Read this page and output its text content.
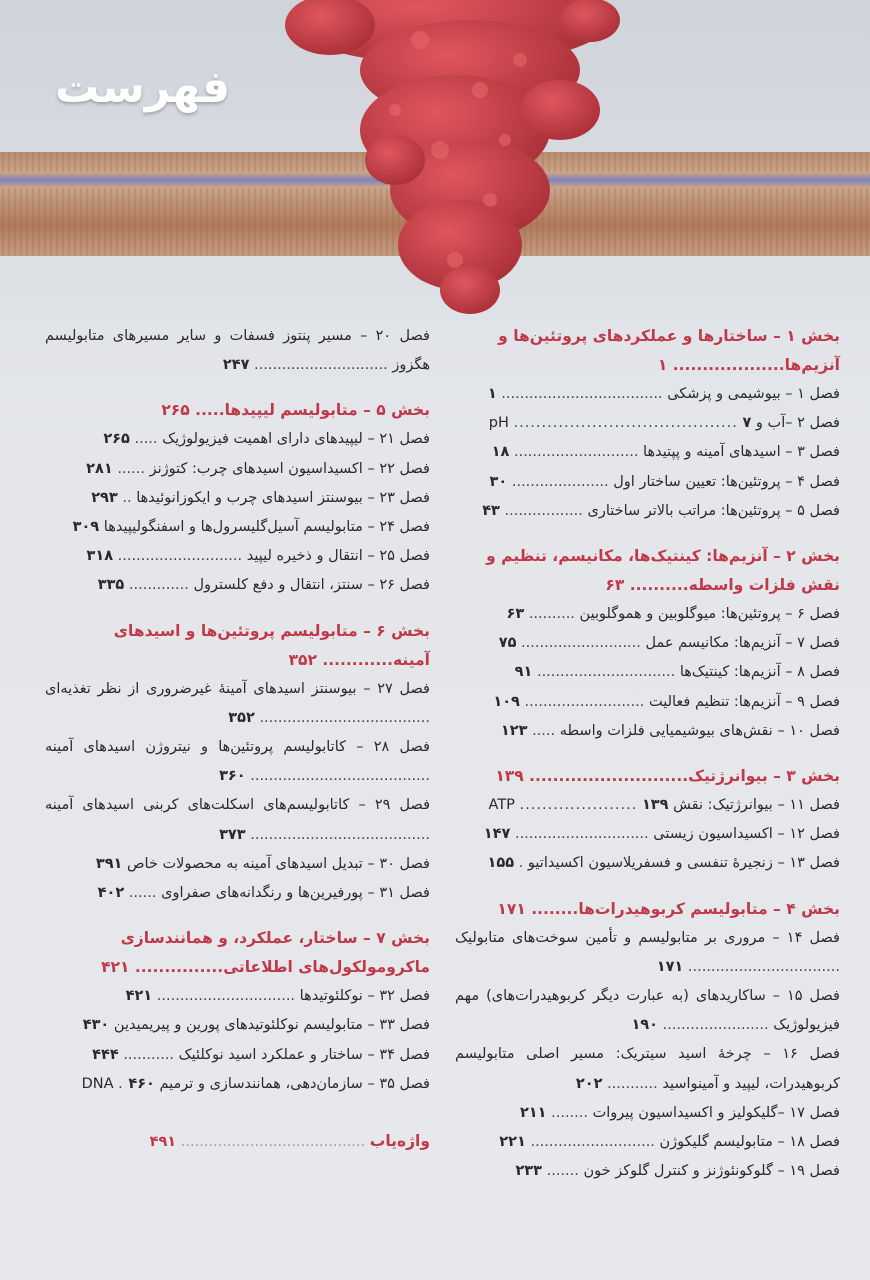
فهرست
بخش ۱ – ساختارها و عملکردهای پروتئین‌ها و آنزیم‌ها................... ۱
فصل ۱ – بیوشیمی و پزشکی ................................... ۱
فصل ۲ –آب و pH ........................................ ۷
فصل ۳ – اسیدهای آمینه و پپتیدها ........................... ۱۸
فصل ۴ – پروتئین‌ها: تعیین ساختار اول ..................... ۳۰
فصل ۵ – پروتئین‌ها: مراتب بالاتر ساختاری ................. ۴۳
بخش ۲ – آنزیم‌ها: کینتیک‌ها، مکانیسم، تنظیم و نقش فلزات واسطه.......... ۶۳
فصل ۶ – پروتئین‌ها: میوگلوبین و هموگلوبین .......... ۶۳
فصل ۷ – آنزیم‌ها: مکانیسم عمل .......................... ۷۵
فصل ۸ – آنزیم‌ها: کینتیک‌ها .............................. ۹۱
فصل ۹ – آنزیم‌ها: تنظیم فعالیت .......................... ۱۰۹
فصل ۱۰ – نقش‌های بیوشیمیایی فلزات واسطه ..... ۱۲۳
بخش ۳ – بیوانرژتیک........................... ۱۳۹
فصل ۱۱ – بیوانرژتیک: نقش ATP ..................... ۱۳۹
فصل ۱۲ – اکسیداسیون زیستی ............................. ۱۴۷
فصل ۱۳ – زنجیرهٔ تنفسی و فسفریلاسیون اکسیداتیو . ۱۵۵
بخش ۴ – متابولیسم کربوهیدرات‌ها........ ۱۷۱
فصل ۱۴ – مروری بر متابولیسم و تأمین سوخت‌های متابولیک ................................. ۱۷۱
فصل ۱۵ – ساکاریدهای (به عبارت دیگر کربوهیدرات‌های) مهم فیزیولوژیک ....................... ۱۹۰
فصل ۱۶ – چرخهٔ اسید سیتریک: مسیر اصلی متابولیسم کربوهیدرات، لیپید و آمینواسید ........... ۲۰۲
فصل ۱۷ –گلیکولیز و اکسیداسیون پیروات ........ ۲۱۱
فصل ۱۸ – متابولیسم گلیکوژن ........................... ۲۲۱
فصل ۱۹ – گلوکونئوژنز و کنترل گلوکز خون ....... ۲۳۳
فصل ۲۰ – مسیر پنتوز فسفات و سایر مسیرهای متابولیسم هگزوز ............................. ۲۴۷
بخش ۵ – متابولیسم لیپیدها..... ۲۶۵
فصل ۲۱ – لیپیدهای دارای اهمیت فیزیولوژیک ..... ۲۶۵
فصل ۲۲ – اکسیداسیون اسیدهای چرب: کتوژنز ...... ۲۸۱
فصل ۲۳ – بیوسنتز اسیدهای چرب و ایکوزانوئیدها .. ۲۹۳
فصل ۲۴ – متابولیسم آسیل‌گلیسرول‌ها و اسفنگولیپیدها ۳۰۹
فصل ۲۵ – انتقال و ذخیره لیپید ........................... ۳۱۸
فصل ۲۶ – سنتز، انتقال و دفع کلسترول ............. ۳۳۵
بخش ۶ – متابولیسم پروتئین‌ها و اسیدهای آمینه............ ۳۵۲
فصل ۲۷ – بیوسنتز اسیدهای آمینهٔ غیرضروری از نظر تغذیه‌ای ..................................... ۳۵۲
فصل ۲۸ – کاتابولیسم پروتئین‌ها و نیتروژن اسیدهای آمینه ....................................... ۳۶۰
فصل ۲۹ – کاتابولیسم‌های اسکلت‌های کربنی اسیدهای آمینه ....................................... ۳۷۳
فصل ۳۰ – تبدیل اسیدهای آمینه به محصولات خاص ۳۹۱
فصل ۳۱ – پورفیرین‌ها و رنگدانه‌های صفراوی ...... ۴۰۲
بخش ۷ – ساختار، عملکرد، و همانندسازی ماکرومولکول‌های اطلاعاتی............... ۴۲۱
فصل ۳۲ – نوکلئوتیدها .............................. ۴۲۱
فصل ۳۳ – متابولیسم نوکلئوتیدهای پورین و پیریمیدین ۴۳۰
فصل ۳۴ – ساختار و عملکرد اسید نوکلئیک ........... ۴۴۴
فصل ۳۵ – سازمان‌دهی، همانندسازی و ترمیم DNA . ۴۶۰
واژه‌یاب ........................................ ۴۹۱
